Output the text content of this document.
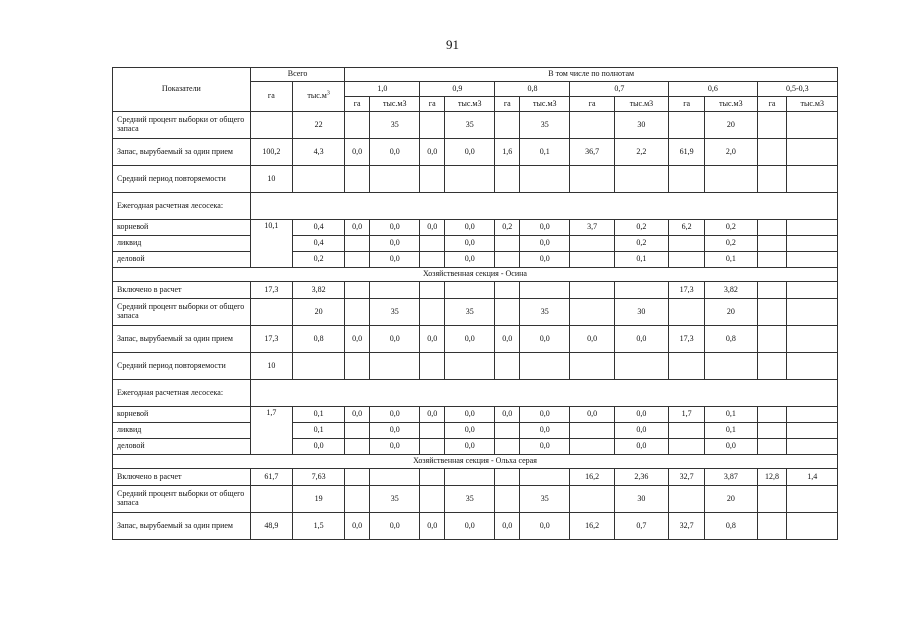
91
Показатели	Всего		В том числе по полнотам											
	га	$тыс.м^3$	1,0		0,9		0,8		0,7		0,6		0,5-0,3	
			га	тыс.м3	га	тыс.м3	га	тыс.м3	га	тыс.м3	га	тыс.м3	га	тыс.м3
Средний процент выборки от общего запаса		22		35		35		35		30		20		
Запас, вырубаемый за один прием	100,2	4,3	0,0	0,0	0,0	0,0	1,6	0,1	36,7	2,2	61,9	2,0		
Средний период повторяемости	10													
Ежегодная расчетная лесосека:														
корневой	10,1	0,4	0,0	0,0	0,0	0,0	0,2	0,0	3,7	0,2	6,2	0,2		
ликвид		0,4		0,0		0,0		0,0		0,2		0,2		
деловой		0,2		0,0		0,0		0,0		0,1		0,1		
Хозяйственная секция - Осина														
Включено в расчет	17,3	3,82									17,3	3,82		
Средний процент выборки от общего запаса		20		35		35		35		30		20		
Запас, вырубаемый за один прием	17,3	0,8	0,0	0,0	0,0	0,0	0,0	0,0	0,0	0,0	17,3	0,8		
Средний период повторяемости	10													
Ежегодная расчетная лесосека:														
корневой	1,7	0,1	0,0	0,0	0,0	0,0	0,0	0,0	0,0	0,0	1,7	0,1		
ликвид		0,1		0,0		0,0		0,0		0,0		0,1		
деловой		0,0		0,0		0,0		0,0		0,0		0,0		
Хозяйственная секция - Ольха серая														
Включено в расчет	61,7	7,63							16,2	2,36	32,7	3,87	12,8	1,4
Средний процент выборки от общего запаса		19		35		35		35		30		20		
Запас, вырубаемый за один прием	48,9	1,5	0,0	0,0	0,0	0,0	0,0	0,0	16,2	0,7	32,7	0,8		
